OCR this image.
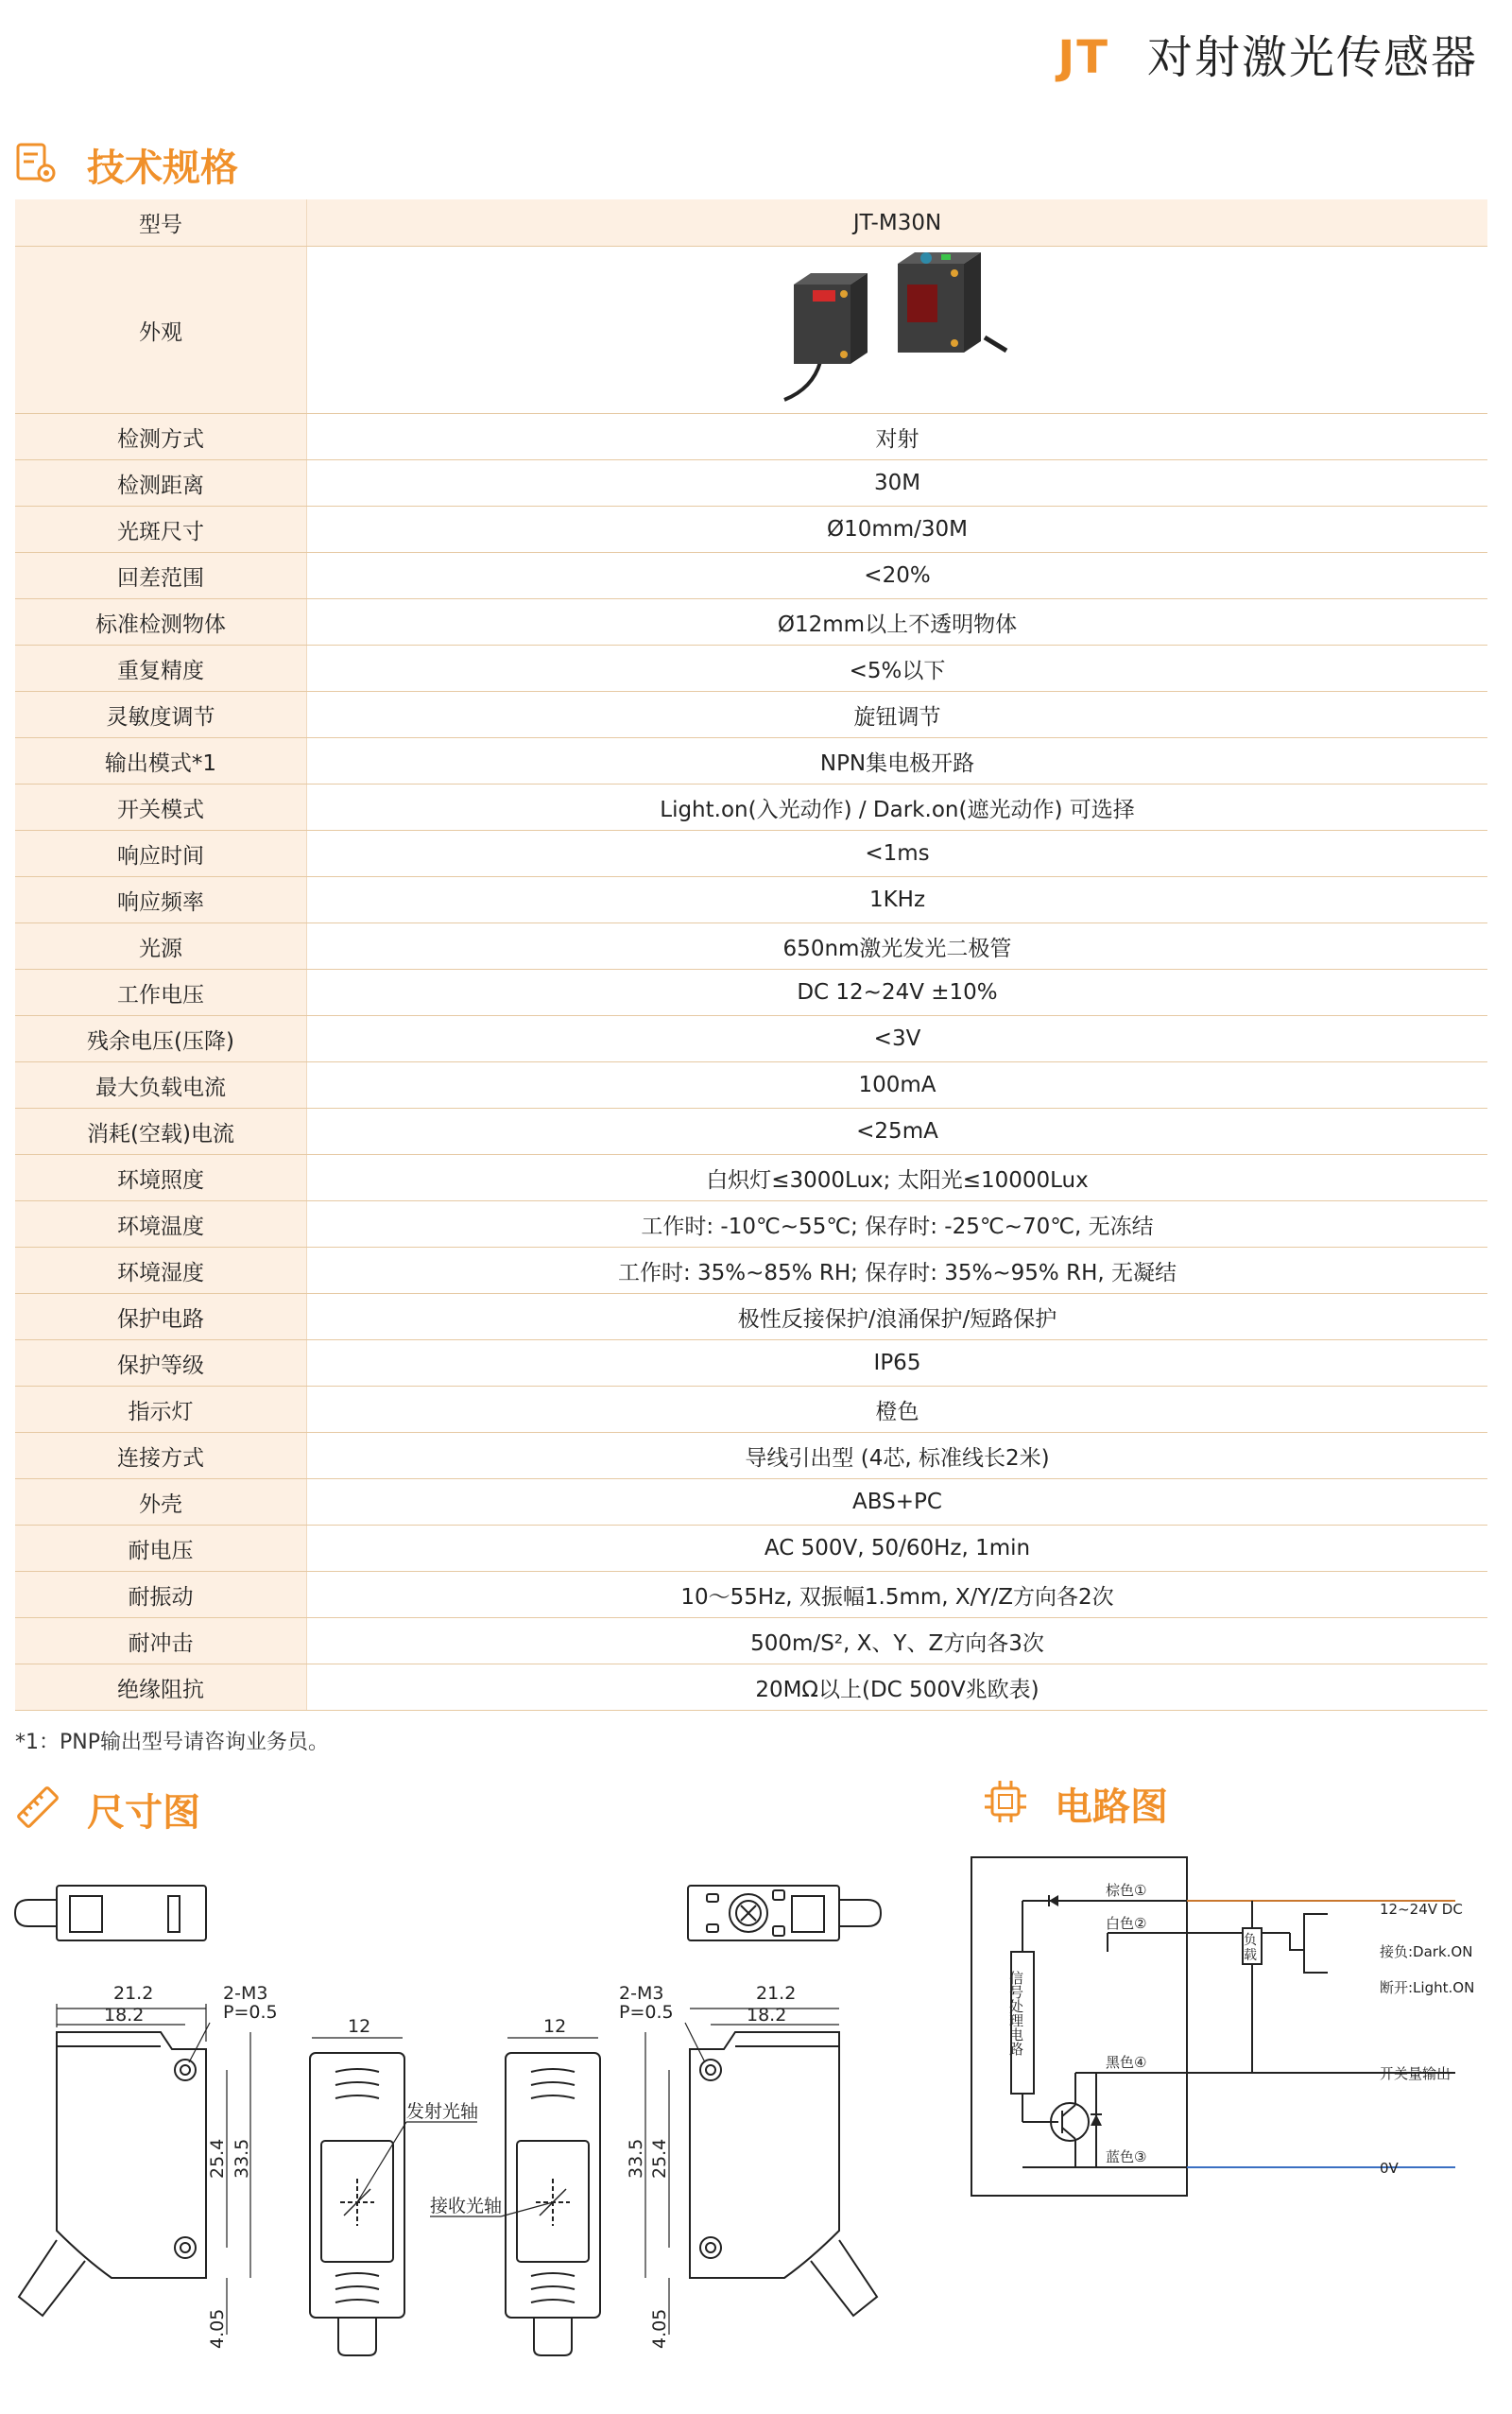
JT 对射激光传感器
技术规格
型号	JT-M30N
外观	
检测方式	对射
检测距离	30M
光斑尺寸	Ø10mm/30M
回差范围	<20%
标准检测物体	Ø12mm以上不透明物体
重复精度	<5%以下
灵敏度调节	旋钮调节
输出模式*1	NPN集电极开路
开关模式	Light.on(入光动作) / Dark.on(遮光动作) 可选择
响应时间	<1ms
响应频率	1KHz
光源	650nm激光发光二极管
工作电压	DC 12~24V ±10%
残余电压(压降)	<3V
最大负载电流	100mA
消耗(空载)电流	<25mA
环境照度	白炽灯≤3000Lux; 太阳光≤10000Lux
环境温度	工作时: -10℃~55℃; 保存时: -25℃~70℃, 无冻结
环境湿度	工作时: 35%~85% RH; 保存时: 35%~95% RH, 无凝结
保护电路	极性反接保护/浪涌保护/短路保护
保护等级	IP65
指示灯	橙色
连接方式	导线引出型 (4芯, 标准线长2米)
外壳	ABS+PC
耐电压	AC 500V, 50/60Hz, 1min
耐振动	10～55Hz, 双振幅1.5mm, X/Y/Z方向各2次
耐冲击	500m/S², X、Y、Z方向各3次
绝缘阻抗	20MΩ以上(DC 500V兆欧表)
*1：PNP输出型号请咨询业务员。
尺寸图	电路图
21.2
18.2
2-M3
P=0.5
25.4 33.5
4.05
12	12
21.2
18.2
2-M3
P=0.5
25.4
33.5
4.05
发射光轴
接收光轴
棕色①
白色②
黑色④
蓝色③
负
载
信号处理电路
12~24V DC
接负:Dark.ON
断开:Light.ON
开关量输出
0V
